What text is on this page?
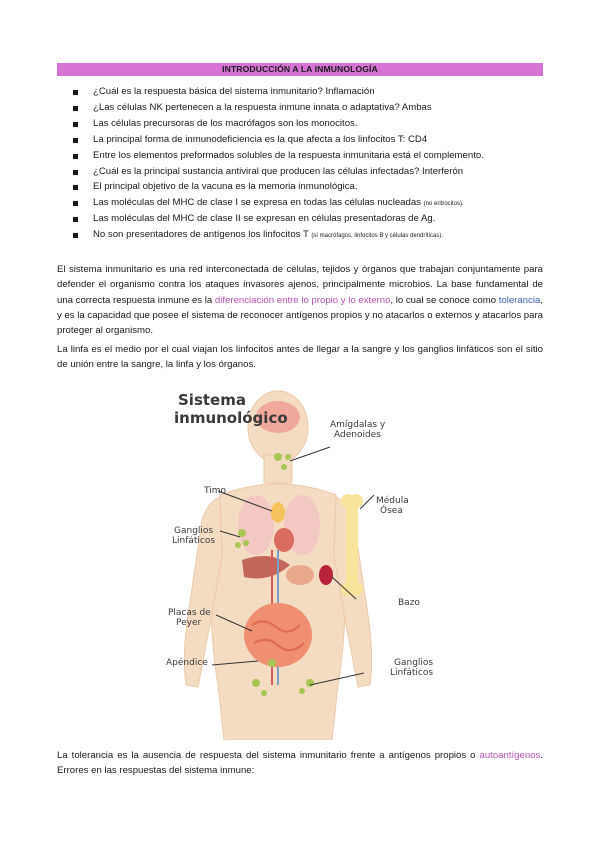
INTRODUCCIÓN A LA INMUNOLOGÍA
¿Cuál es la respuesta básica del sistema inmunitario? Inflamación
¿Las células NK pertenecen a la respuesta inmune innata o adaptativa? Ambas
Las células precursoras de los macrófagos son los monocitos.
La principal forma de inmunodeficiencia es la que afecta a los linfocitos T: CD4
Entre los elementos preformados solubles de la respuesta inmunitaria está el complemento.
¿Cuál es la principal sustancia antiviral que producen las células infectadas? Interferón
El principal objetivo de la vacuna es la memoria inmunológica.
Las moléculas del MHC de clase I se expresa en todas las células nucleadas (no eritrocitos).
Las moléculas del MHC de clase II se expresan en células presentadoras de Ag.
No son presentadores de antígenos los linfocitos T (sí macrófagos, linfocitos B y células dendríticas).

El sistema inmunitario es una red interconectada de células, tejidos y órganos que trabajan conjuntamente para defender el organismo contra los ataques invasores ajenos, principalmente microbios. La base fundamental de una correcta respuesta inmune es la diferenciación entre lo propio y lo externo, lo cual se conoce como tolerancia, y es la capacidad que posee el sistema de reconocer antígenos propios y no atacarlos o externos y atacarlos para proteger al organismo.

La linfa es el medio por el cual viajan los linfocitos antes de llegar a la sangre y los ganglios linfáticos son el sitio de unión entre la sangre, la linfa y los órganos.

Sistema
inmunológico	Amígdalas y
Adenoides
Timo
Médula
Ósea
Ganglios
Linfáticos
Bazo
Placas de
Peyer
Apéndice	Ganglios
Linfáticos

La tolerancia es la ausencia de respuesta del sistema inmunitario frente a antígenos propios o autoantígenos. Errores en las respuestas del sistema inmune:
